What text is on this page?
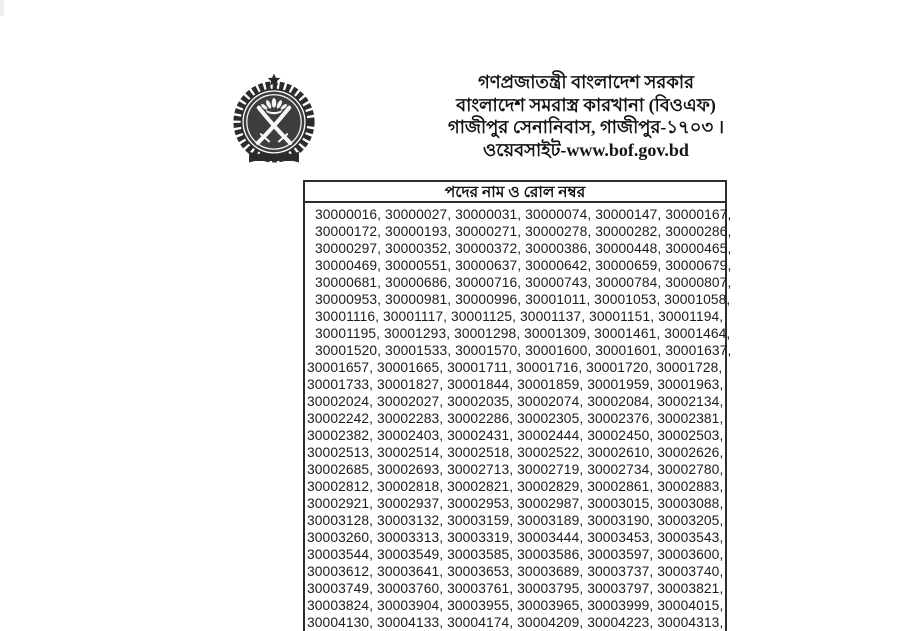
গণপ্রজাতন্ত্রী বাংলাদেশ সরকার
বাংলাদেশ সমরাস্ত্র কারখানা (বিওএফ)
গাজীপুর সেনানিবাস, গাজীপুর-১৭০৩ ।
ওয়েবসাইট-www.bof.gov.bd
পদের নাম ও রোল নম্বর
30000016, 30000027, 30000031, 30000074, 30000147, 30000167,
30000172, 30000193, 30000271, 30000278, 30000282, 30000286,
30000297, 30000352, 30000372, 30000386, 30000448, 30000465,
30000469, 30000551, 30000637, 30000642, 30000659, 30000679,
30000681, 30000686, 30000716, 30000743, 30000784, 30000807,
30000953, 30000981, 30000996, 30001011, 30001053, 30001058,
30001116, 30001117, 30001125, 30001137, 30001151, 30001194,
30001195, 30001293, 30001298, 30001309, 30001461, 30001464,
30001520, 30001533, 30001570, 30001600, 30001601, 30001637,
30001657, 30001665, 30001711, 30001716, 30001720, 30001728,
30001733, 30001827, 30001844, 30001859, 30001959, 30001963,
30002024, 30002027, 30002035, 30002074, 30002084, 30002134,
30002242, 30002283, 30002286, 30002305, 30002376, 30002381,
30002382, 30002403, 30002431, 30002444, 30002450, 30002503,
30002513, 30002514, 30002518, 30002522, 30002610, 30002626,
30002685, 30002693, 30002713, 30002719, 30002734, 30002780,
30002812, 30002818, 30002821, 30002829, 30002861, 30002883,
30002921, 30002937, 30002953, 30002987, 30003015, 30003088,
30003128, 30003132, 30003159, 30003189, 30003190, 30003205,
30003260, 30003313, 30003319, 30003444, 30003453, 30003543,
30003544, 30003549, 30003585, 30003586, 30003597, 30003600,
30003612, 30003641, 30003653, 30003689, 30003737, 30003740,
30003749, 30003760, 30003761, 30003795, 30003797, 30003821,
30003824, 30003904, 30003955, 30003965, 30003999, 30004015,
30004130, 30004133, 30004174, 30004209, 30004223, 30004313,
